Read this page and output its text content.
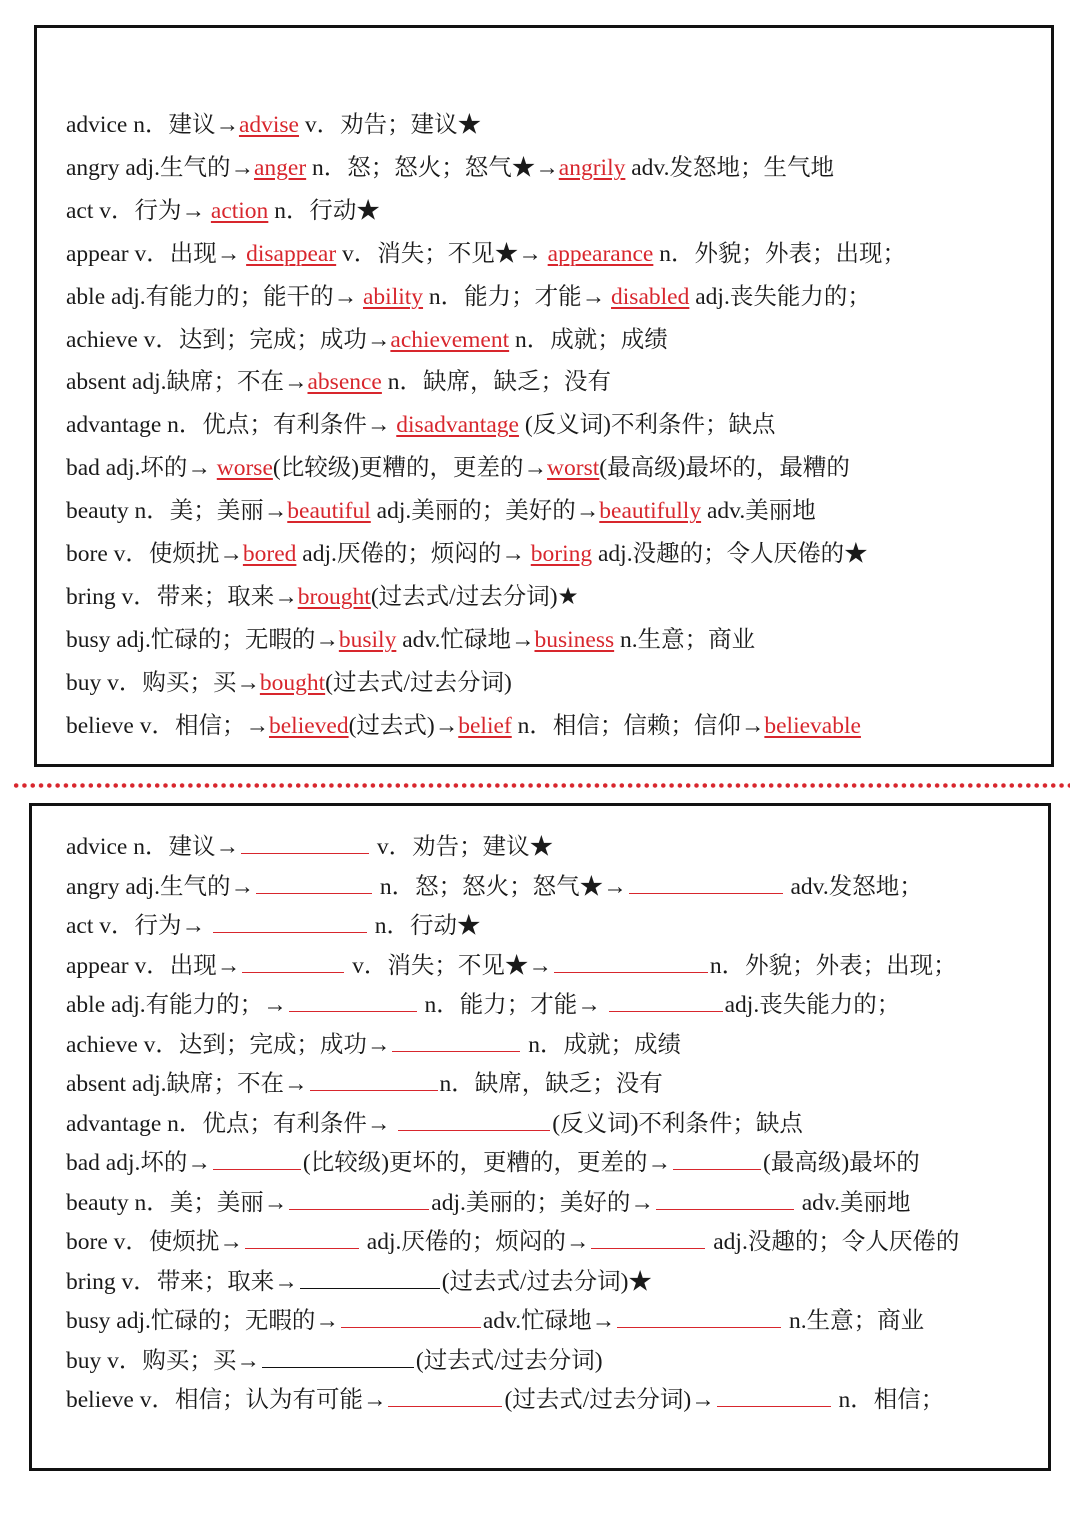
advice n．建议→advise v．劝告；建议★
angry adj.生气的→anger n．怒；怒火；怒气★→angrily adv.发怒地；生气地
act v．行为→ action n．行动★
appear v．出现→ disappear v．消失；不见★→ appearance n．外貌；外表；出现；
able adj.有能力的；能干的→ ability n．能力；才能→ disabled adj.丧失能力的；
achieve v．达到；完成；成功→achievement n．成就；成绩
absent adj.缺席；不在→absence n．缺席，缺乏；没有
advantage n．优点；有利条件→ disadvantage (反义词)不利条件；缺点
bad adj.坏的→ worse(比较级)更糟的，更差的→worst(最高级)最坏的，最糟的
beauty n．美；美丽→beautiful adj.美丽的；美好的→beautifully adv.美丽地
bore v．使烦扰→bored adj.厌倦的；烦闷的→ boring adj.没趣的；令人厌倦的★
bring v．带来；取来→brought(过去式/过去分词)★
busy adj.忙碌的；无暇的→busily adv.忙碌地→business n.生意；商业
buy v．购买；买→bought(过去式/过去分词)
believe v．相信；→believed(过去式)→belief n．相信；信赖；信仰→believable
advice n．建议→	v．劝告；建议★
angry adj.生气的→	n．怒；怒火；怒气★→	adv.发怒地；
act v．行为→	n．行动★
appear v．出现→	v．消失；不见★→	n．外貌；外表；出现；
able adj.有能力的；→	n．能力；才能→	adj.丧失能力的；
achieve v．达到；完成；成功→	n．成就；成绩
absent adj.缺席；不在→	n．缺席，缺乏；没有
advantage n．优点；有利条件→	(反义词)不利条件；缺点
bad adj.坏的→	(比较级)更坏的，更糟的，更差的→	(最高级)最坏的
beauty n．美；美丽→	adj.美丽的；美好的→	adv.美丽地
bore v．使烦扰→	adj.厌倦的；烦闷的→	adj.没趣的；令人厌倦的
bring v．带来；取来→	(过去式/过去分词)★
busy adj.忙碌的；无暇的→	adv.忙碌地→	n.生意；商业
buy v．购买；买→	(过去式/过去分词)
believe v．相信；认为有可能→	(过去式/过去分词)→	n．相信；
